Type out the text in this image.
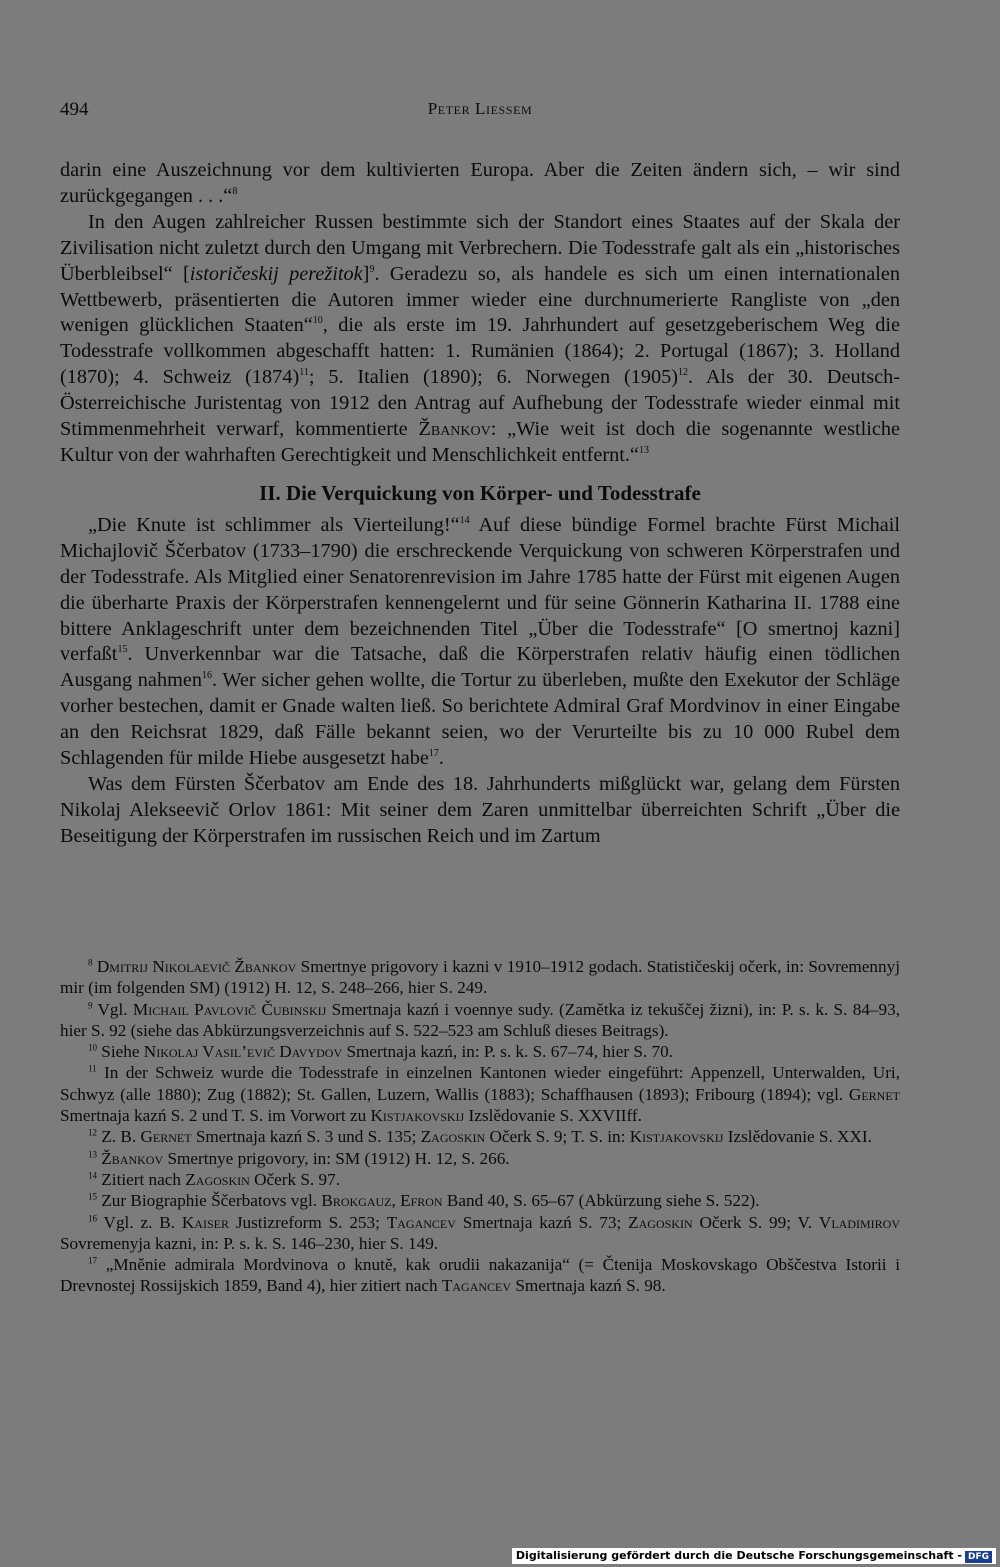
494	Peter Liessem

darin eine Auszeichnung vor dem kultivierten Europa. Aber die Zeiten ändern sich, – wir sind zurückgegangen . . .“$^8$

In den Augen zahlreicher Russen bestimmte sich der Standort eines Staates auf der Skala der Zivilisation nicht zuletzt durch den Umgang mit Verbrechern. Die Todesstrafe galt als ein „historisches Überbleibsel“ [istoričeskij perežitok]$^9$. Geradezu so, als handele es sich um einen internationalen Wettbewerb, präsentierten die Autoren immer wieder eine durchnumerierte Rangliste von „den wenigen glücklichen Staaten“$^{10}$, die als erste im 19. Jahrhundert auf gesetzgeberischem Weg die Todesstrafe vollkommen abgeschafft hatten: 1. Rumänien (1864); 2. Portugal (1867); 3. Holland (1870); 4. Schweiz $(1874)^{11}$; 5. Italien (1890); 6. Norwegen $(1905)^{12}$. Als der 30. Deutsch-Österreichische Juristentag von 1912 den Antrag auf Aufhebung der Todesstrafe wieder einmal mit Stimmenmehrheit verwarf, kommentierte Žbankov: „Wie weit ist doch die sogenannte westliche Kultur von der wahrhaften Gerechtigkeit und Menschlichkeit entfernt.“$^{13}$

II. Die Verquickung von Körper- und Todesstrafe

„Die Knute ist schlimmer als Vierteilung!“$^{14}$ Auf diese bündige Formel brachte Fürst Michail Michajlovič Ščerbatov (1733–1790) die erschreckende Verquickung von schweren Körperstrafen und der Todesstrafe. Als Mitglied einer Senatorenrevision im Jahre 1785 hatte der Fürst mit eigenen Augen die überharte Praxis der Körperstrafen kennengelernt und für seine Gönnerin Katharina II. 1788 eine bittere Anklageschrift unter dem bezeichnenden Titel „Über die Todesstrafe“ [O smertnoj kazni] verfaßt$^{15}$. Unverkennbar war die Tatsache, daß die Körperstrafen relativ häufig einen tödlichen Ausgang nahmen$^{16}$. Wer sicher gehen wollte, die Tortur zu überleben, mußte den Exekutor der Schläge vorher bestechen, damit er Gnade walten ließ. So berichtete Admiral Graf Mordvinov in einer Eingabe an den Reichsrat 1829, daß Fälle bekannt seien, wo der Verurteilte bis zu 10 000 Rubel dem Schlagenden für milde Hiebe ausgesetzt habe$^{17}$.

Was dem Fürsten Ščerbatov am Ende des 18. Jahrhunderts mißglückt war, gelang dem Fürsten Nikolaj Alekseevič Orlov 1861: Mit seiner dem Zaren unmittelbar überreichten Schrift „Über die Beseitigung der Körperstrafen im russischen Reich und im Zartum

$^8$ Dmitrij Nikolaevič Žbankov Smertnye prigovory i kazni v 1910–1912 godach. Statističeskij očerk, in: Sovremennyj mir (im folgenden SM) (1912) H. 12, S. 248–266, hier S. 249.

$^9$ Vgl. Michail Pavlovič Čubinskij Smertnaja kazń i voennye sudy. (Zamětka iz tekuščej žizni), in: P. s. k. S. 84–93, hier S. 92 (siehe das Abkürzungsverzeichnis auf S. 522–523 am Schluß dieses Beitrags).

$^{10}$ Siehe Nikolaj Vasil’evič Davydov Smertnaja kazń, in: P. s. k. S. 67–74, hier S. 70.

$^{11}$ In der Schweiz wurde die Todesstrafe in einzelnen Kantonen wieder eingeführt: Appenzell, Unterwalden, Uri, Schwyz (alle 1880); Zug (1882); St. Gallen, Luzern, Wallis (1883); Schaffhausen (1893); Fribourg (1894); vgl. Gernet Smertnaja kazń S. 2 und T. S. im Vorwort zu Kistjakovskij Izslědovanie S. XXVIIff.

$^{12}$ Z. B. Gernet Smertnaja kazń S. 3 und S. 135; Zagoskin Očerk S. 9; T. S. in: Kistjakovskij Izslědovanie S. XXI.

$^{13}$ Žbankov Smertnye prigovory, in: SM (1912) H. 12, S. 266.

$^{14}$ Zitiert nach Zagoskin Očerk S. 97.

$^{15}$ Zur Biographie Ščerbatovs vgl. Brokgauz, Efron Band 40, S. 65–67 (Abkürzung siehe S. 522).

$^{16}$ Vgl. z. B. Kaiser Justizreform S. 253; Tagancev Smertnaja kazń S. 73; Zagoskin Očerk S. 99; V. Vladimirov Sovremenyja kazni, in: P. s. k. S. 146–230, hier S. 149.

$^{17}$ „Mněnie admirala Mordvinova o knutě, kak orudii nakazanija“ (= Čtenija Moskovskago Obščestva Istorii i Drevnostej Rossijskich 1859, Band 4), hier zitiert nach Tagancev Smertnaja kazń S. 98.

Digitalisierung gefördert durch die Deutsche Forschungsgemeinschaft - DFG
